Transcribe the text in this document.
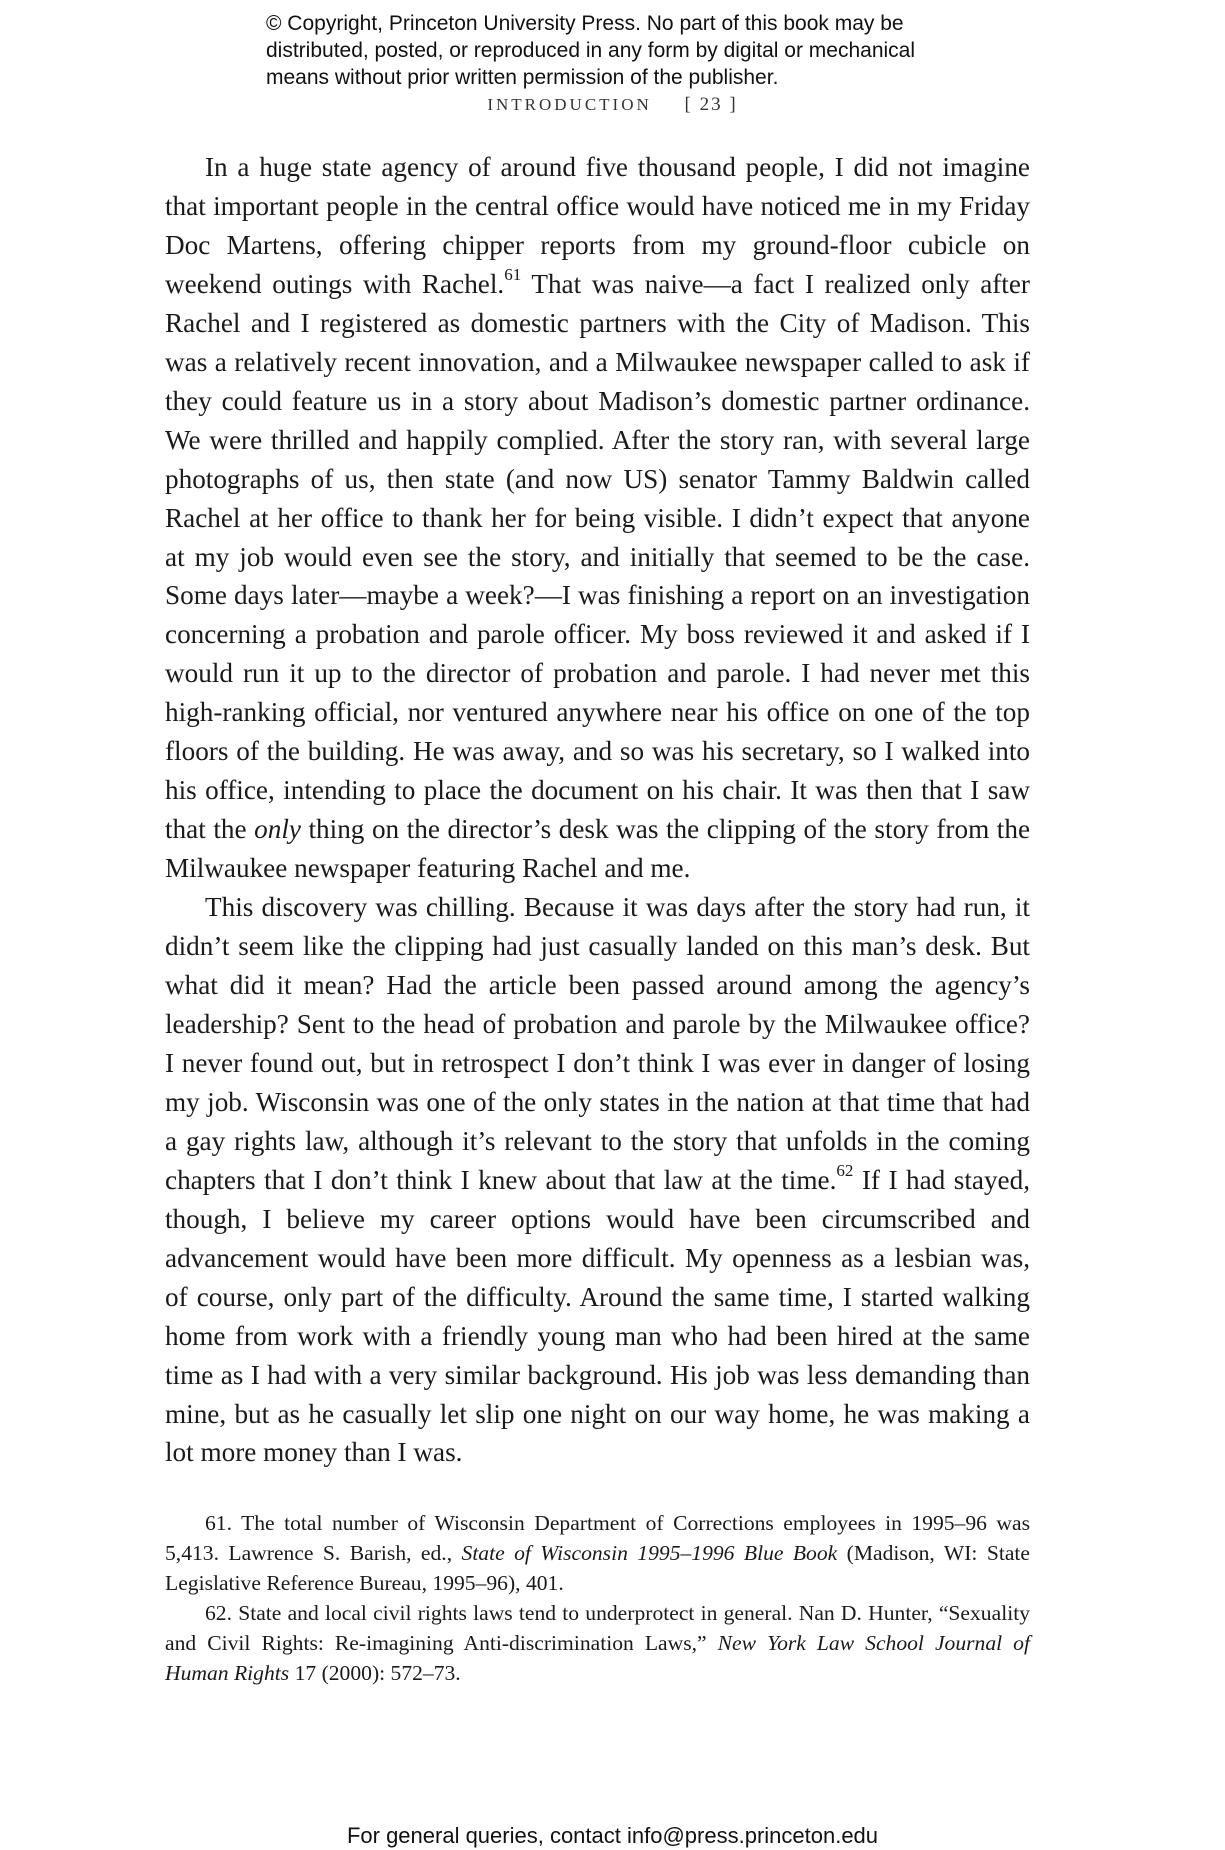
© Copyright, Princeton University Press. No part of this book may be
distributed, posted, or reproduced in any form by digital or mechanical
means without prior written permission of the publisher.
INTRODUCTION [ 23 ]

In a huge state agency of around five thousand people, I did not imagine that important people in the central office would have noticed me in my Friday Doc Martens, offering chipper reports from my ground-floor cubicle on weekend outings with Rachel.$^{61}$ That was naive—a fact I realized only after Rachel and I registered as domestic partners with the City of Madison. This was a relatively recent innovation, and a Milwaukee newspaper called to ask if they could feature us in a story about Madison’s domestic partner ordinance. We were thrilled and happily complied. After the story ran, with several large photographs of us, then state (and now US) senator Tammy Baldwin called Rachel at her office to thank her for being visible. I didn’t expect that anyone at my job would even see the story, and initially that seemed to be the case. Some days later—maybe a week?—I was finishing a report on an investigation concerning a probation and parole officer. My boss reviewed it and asked if I would run it up to the director of probation and parole. I had never met this high-ranking official, nor ventured anywhere near his office on one of the top floors of the building. He was away, and so was his secretary, so I walked into his office, intending to place the document on his chair. It was then that I saw that the only thing on the director’s desk was the clipping of the story from the Milwaukee newspaper featuring Rachel and me.

This discovery was chilling. Because it was days after the story had run, it didn’t seem like the clipping had just casually landed on this man’s desk. But what did it mean? Had the article been passed around among the agency’s leadership? Sent to the head of probation and parole by the Milwaukee office? I never found out, but in retrospect I don’t think I was ever in danger of losing my job. Wisconsin was one of the only states in the nation at that time that had a gay rights law, although it’s relevant to the story that unfolds in the coming chapters that I don’t think I knew about that law at the time.$^{62}$ If I had stayed, though, I believe my career options would have been circumscribed and advancement would have been more difficult. My openness as a lesbian was, of course, only part of the difficulty. Around the same time, I started walking home from work with a friendly young man who had been hired at the same time as I had with a very similar background. His job was less demanding than mine, but as he casually let slip one night on our way home, he was making a lot more money than I was.

61. The total number of Wisconsin Department of Corrections employees in 1995–96 was 5,413. Lawrence S. Barish, ed., State of Wisconsin 1995–1996 Blue Book (Madison, WI: State Legislative Reference Bureau, 1995–96), 401.

62. State and local civil rights laws tend to underprotect in general. Nan D. Hunter, “Sexuality and Civil Rights: Re-imagining Anti-discrimination Laws,” New York Law School Journal of Human Rights 17 (2000): 572–73.

For general queries, contact info@press.princeton.edu
